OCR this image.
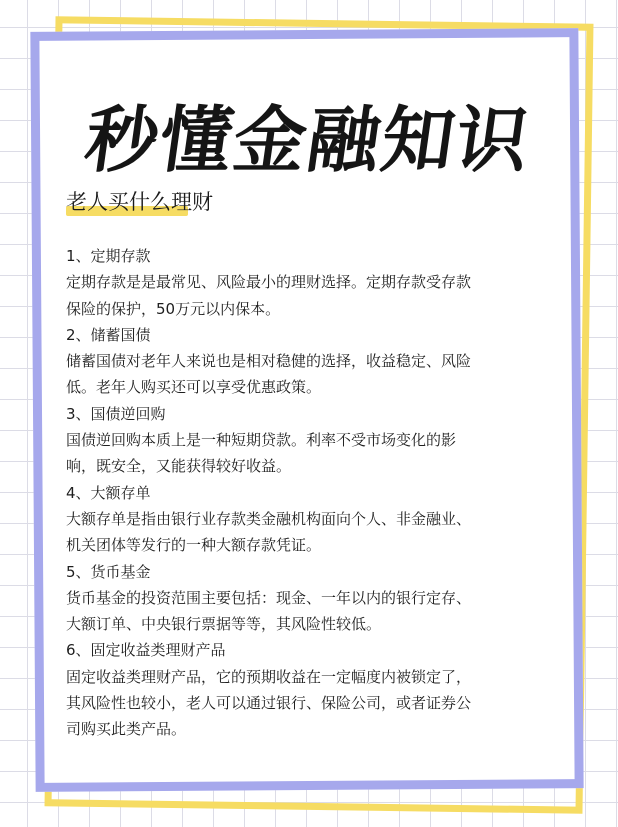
秒懂金融知识
老人买什么理财

1、定期存款

定期存款是是最常见、风险最小的理财选择。定期存款受存款

保险的保护，50万元以内保本。

2、储蓄国债

储蓄国债对老年人来说也是相对稳健的选择，收益稳定、风险

低。老年人购买还可以享受优惠政策。

3、国债逆回购

国债逆回购本质上是一种短期贷款。利率不受市场变化的影

响，既安全，又能获得较好收益。

4、大额存单

大额存单是指由银行业存款类金融机构面向个人、非金融业、

机关团体等发行的一种大额存款凭证。

5、货币基金

货币基金的投资范围主要包括：现金、一年以内的银行定存、

大额订单、中央银行票据等等，其风险性较低。

6、固定收益类理财产品

固定收益类理财产品，它的预期收益在一定幅度内被锁定了，

其风险性也较小，老人可以通过银行、保险公司，或者证券公

司购买此类产品。
